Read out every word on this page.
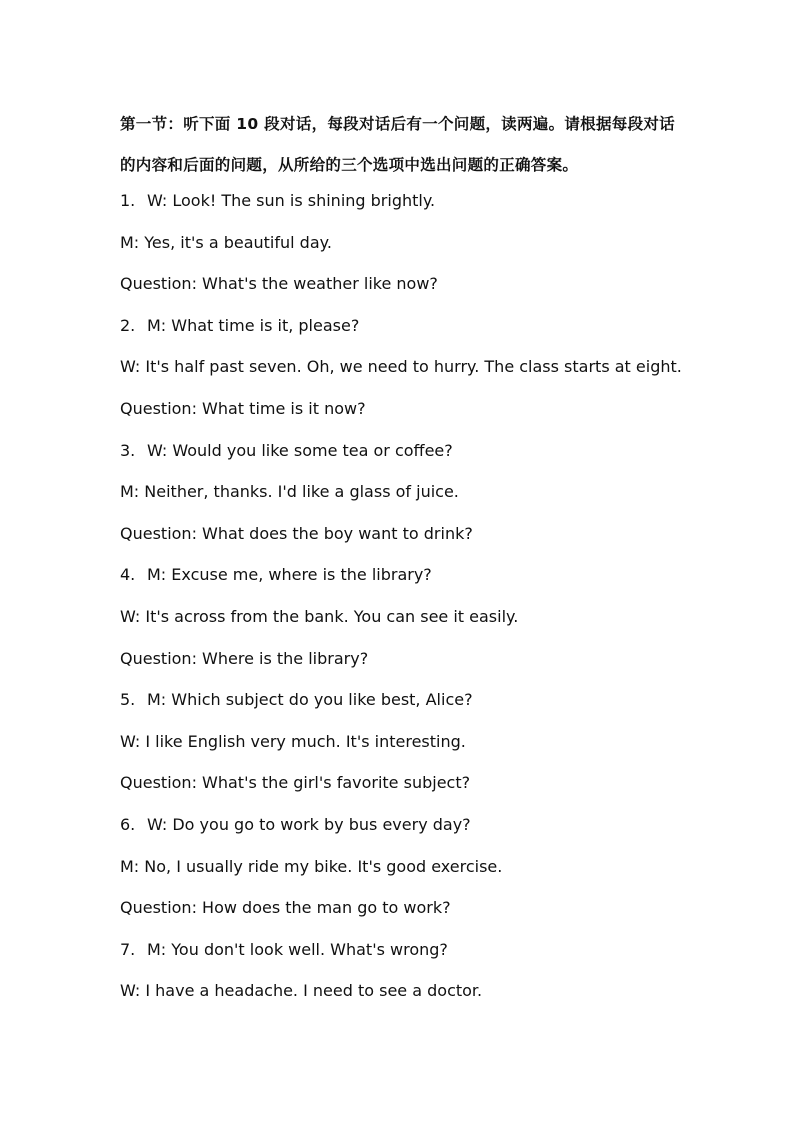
第一节：听下面 10 段对话，每段对话后有一个问题，读两遍。请根据每段对话的内容和后面的问题，从所给的三个选项中选出问题的正确答案。
1. W: Look! The sun is shining brightly.
M: Yes, it's a beautiful day.
Question: What's the weather like now?
2. M: What time is it, please?
W: It's half past seven. Oh, we need to hurry. The class starts at eight.
Question: What time is it now?
3. W: Would you like some tea or coffee?
M: Neither, thanks. I'd like a glass of juice.
Question: What does the boy want to drink?
4. M: Excuse me, where is the library?
W: It's across from the bank. You can see it easily.
Question: Where is the library?
5. M: Which subject do you like best, Alice?
W: I like English very much. It's interesting.
Question: What's the girl's favorite subject?
6. W: Do you go to work by bus every day?
M: No, I usually ride my bike. It's good exercise.
Question: How does the man go to work?
7. M: You don't look well. What's wrong?
W: I have a headache. I need to see a doctor.
